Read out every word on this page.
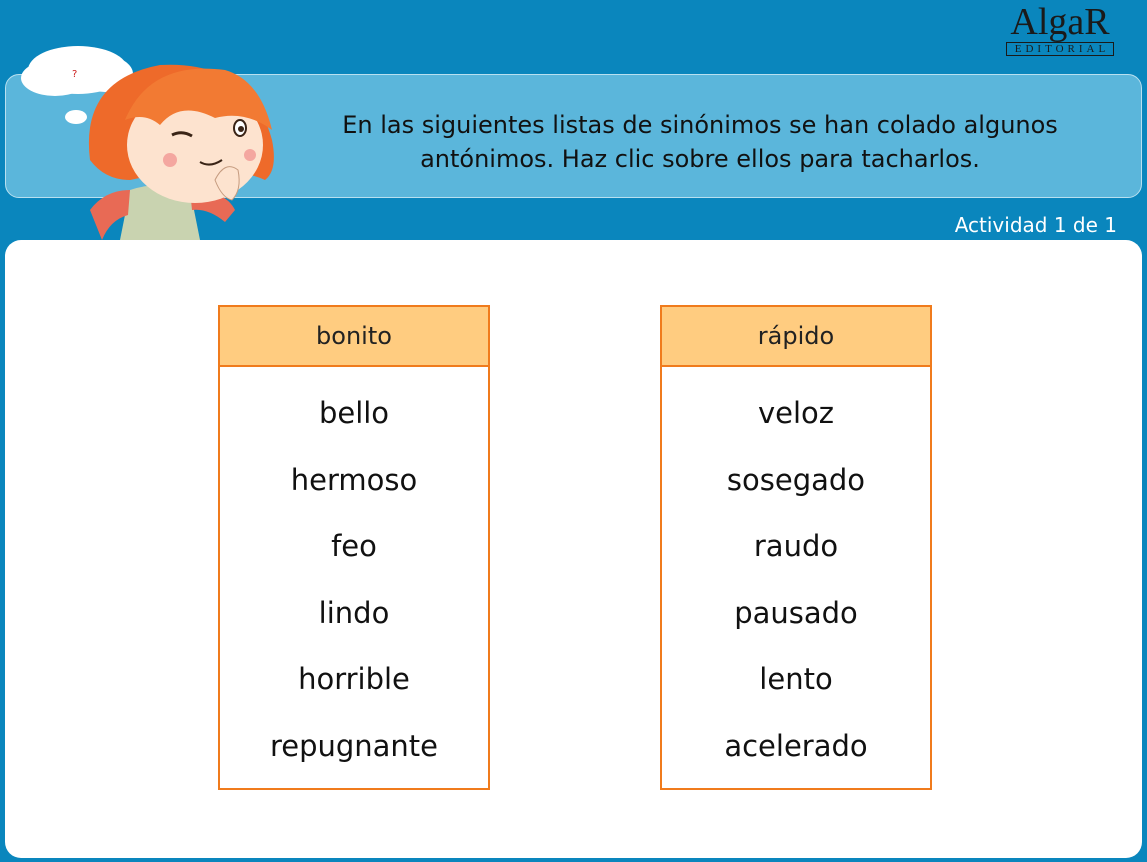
AlgaR
EDITORIAL
?
En las siguientes listas de sinónimos se han colado algunos antónimos. Haz clic sobre ellos para tacharlos.
Actividad 1 de 1
bonito
bello
hermoso
feo
lindo
horrible
repugnante
rápido
veloz
sosegado
raudo
pausado
lento
acelerado
